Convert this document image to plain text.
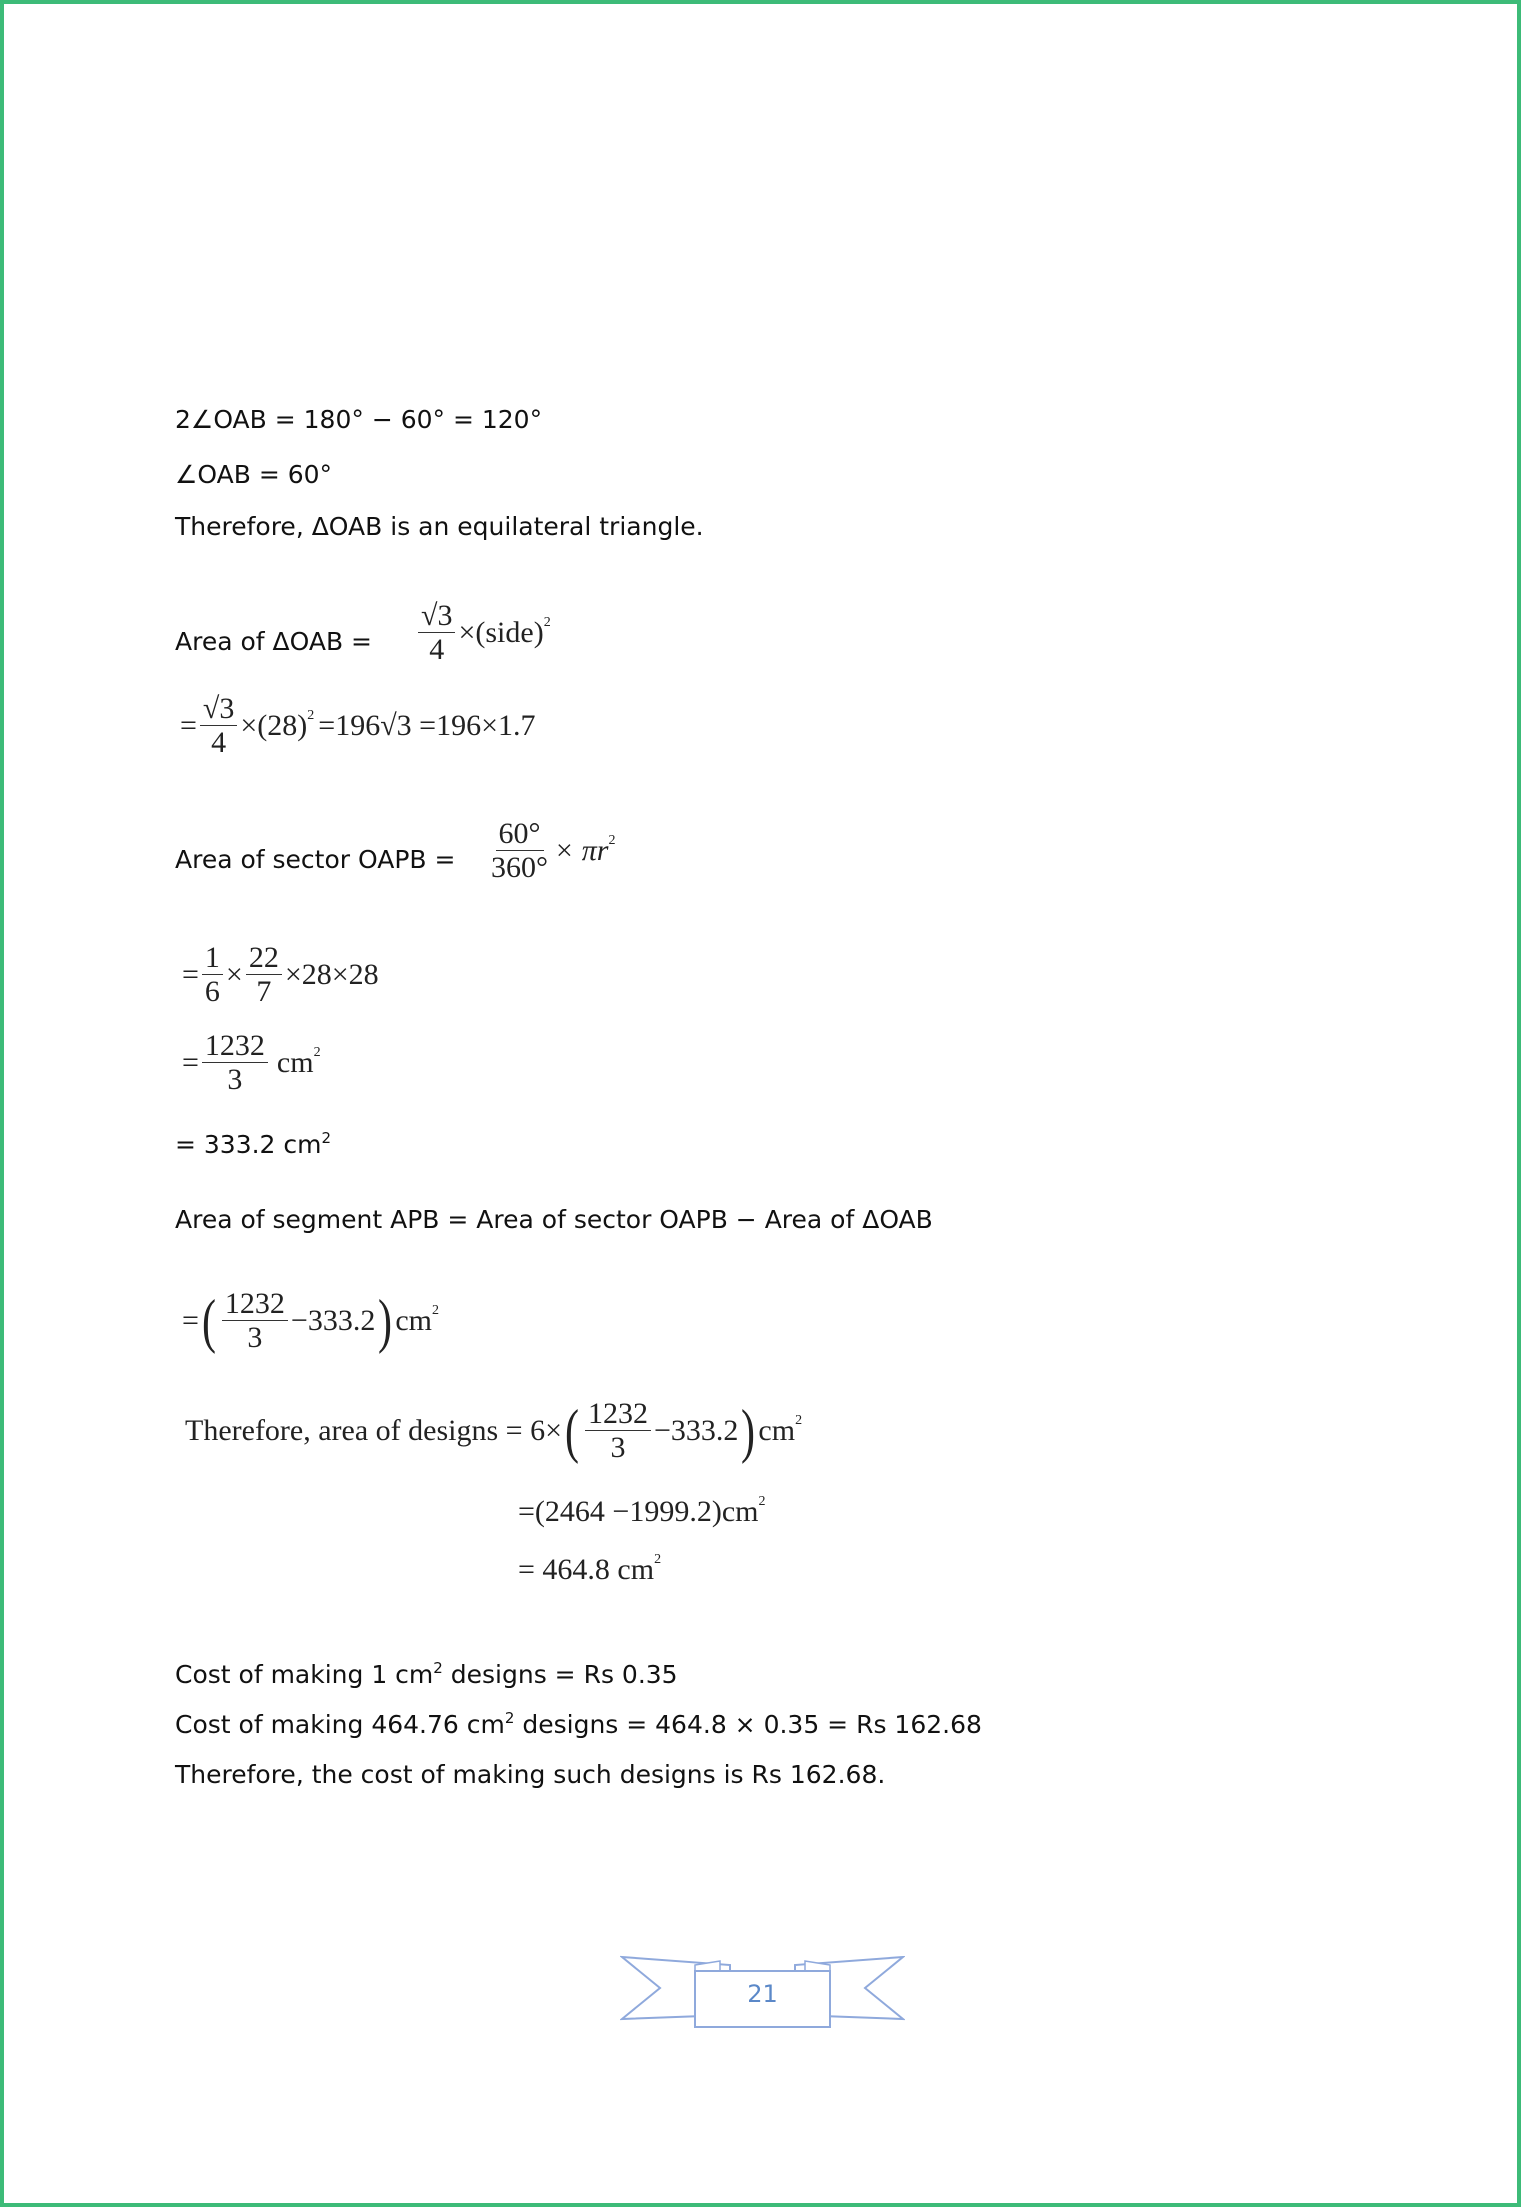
2∠OAB = 180° − 60° = 120°
∠OAB = 60°
Therefore, ΔOAB is an equilateral triangle.
Area of $\Delta OAB = \frac{√3}{4}$ ×(side) 2
= $\frac{√3}{4} \times(28)$ 2 =196√3 =196×1.7
Area of sector OAPB = $\frac{60^\circ}{360^\circ} \times \pi r$ 2
= $\frac{1}{6} \times \frac{22}{7} \times 28\times 28$
= $\frac{1232}{3}$ cm 2
= 333.2 $cm^2$
Area of segment APB = Area of sector OAPB − Area of ΔOAB
= ( $\frac{1232}{3} -333.2$ ) cm 2
Therefore, area of designs = 6× ( $\frac{1232}{3} -333.2$ ) cm 2
=(2464 −1999.2)cm 2
= 464.8 cm 2
Cost of making 1 $cm^2$ designs = Rs 0.35
Cost of making 464.76 $cm^2$ designs = 464.8 × 0.35 = Rs 162.68
Therefore, the cost of making such designs is Rs 162.68.
21
